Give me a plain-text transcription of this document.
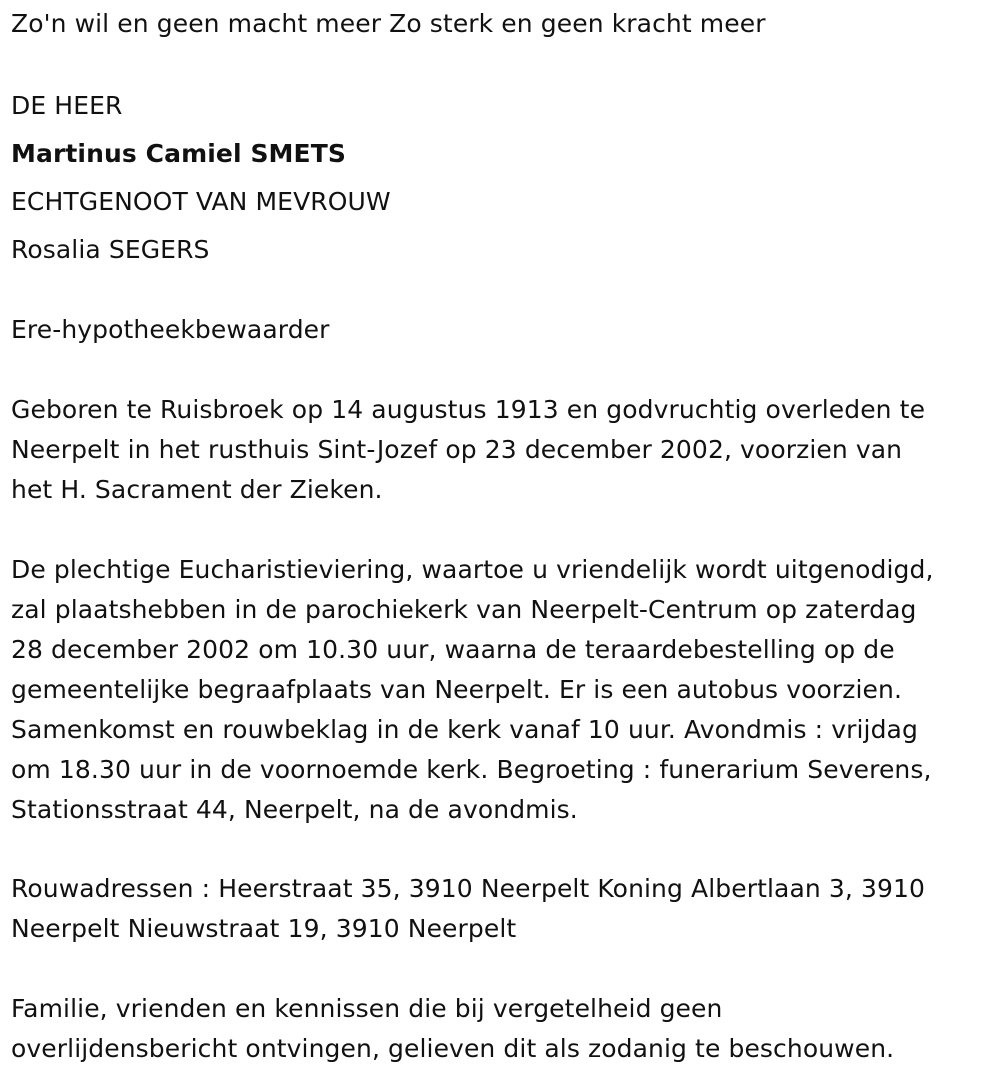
Zo'n wil en geen macht meer Zo sterk en geen kracht meer
DE HEER
Martinus Camiel SMETS
ECHTGENOOT VAN MEVROUW
Rosalia SEGERS
Ere-hypotheekbewaarder
Geboren te Ruisbroek op 14 augustus 1913 en godvruchtig overleden te
Neerpelt in het rusthuis Sint-Jozef op 23 december 2002, voorzien van
het H. Sacrament der Zieken.
De plechtige Eucharistieviering, waartoe u vriendelijk wordt uitgenodigd,
zal plaatshebben in de parochiekerk van Neerpelt-Centrum op zaterdag
28 december 2002 om 10.30 uur, waarna de teraardebestelling op de
gemeentelijke begraafplaats van Neerpelt. Er is een autobus voorzien.
Samenkomst en rouwbeklag in de kerk vanaf 10 uur. Avondmis : vrijdag
om 18.30 uur in de voornoemde kerk. Begroeting : funerarium Severens,
Stationsstraat 44, Neerpelt, na de avondmis.
Rouwadressen : Heerstraat 35, 3910 Neerpelt Koning Albertlaan 3, 3910
Neerpelt Nieuwstraat 19, 3910 Neerpelt
Familie, vrienden en kennissen die bij vergetelheid geen
overlijdensbericht ontvingen, gelieven dit als zodanig te beschouwen.
